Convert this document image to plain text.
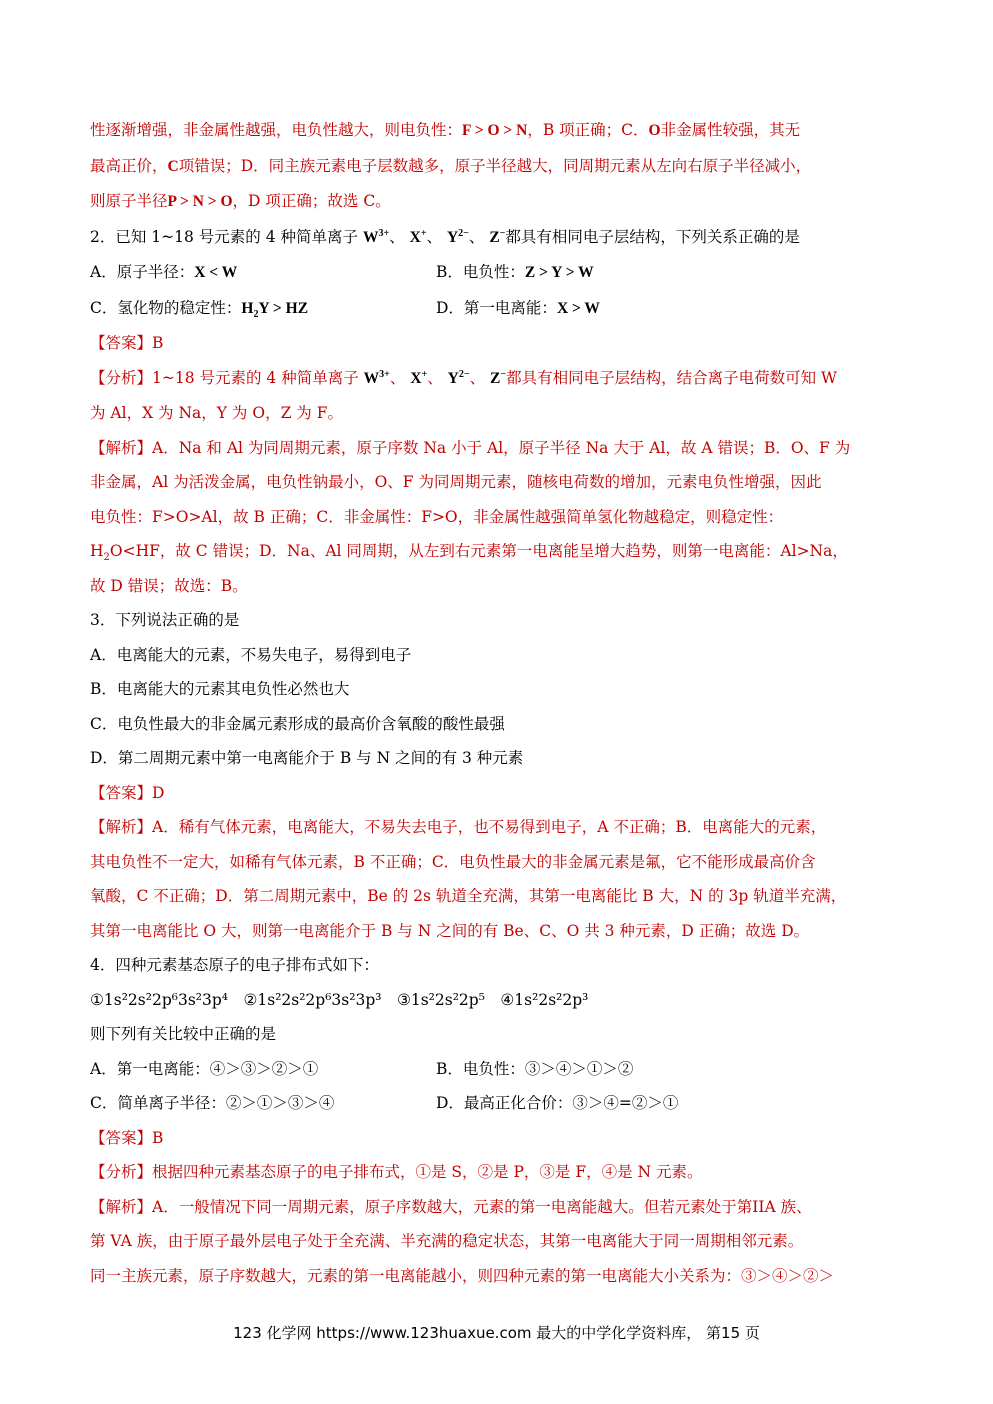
性逐渐增强，非金属性越强，电负性越大，则电负性：F > O > N，B 项正确；C．O非金属性较强，其无
最高正价，C项错误；D．同主族元素电子层数越多，原子半径越大，同周期元素从左向右原子半径减小，
则原子半径P > N > O，D 项正确；故选 C。
2．已知 1~18 号元素的 4 种简单离子 $W^{3+}$、 X+、 $Y^{2-}$、 Z−都具有相同电子层结构，下列关系正确的是
A．原子半径：X < W	B．电负性：Z > Y > W
C．氢化物的稳定性：$H_2Y$ > HZ	D．第一电离能：X > W
【答案】B
【分析】1~18 号元素的 4 种简单离子 $W^{3+}$、 X+、 $Y^{2-}$、 Z−都具有相同电子层结构，结合离子电荷数可知 W
为 Al，X 为 Na，Y 为 O，Z 为 F。
【解析】A．Na 和 Al 为同周期元素，原子序数 Na 小于 Al，原子半径 Na 大于 Al，故 A 错误；B．O、F 为
非金属，Al 为活泼金属，电负性钠最小，O、F 为同周期元素，随核电荷数的增加，元素电负性增强，因此
电负性：F>O>Al，故 B 正确；C．非金属性：F>O，非金属性越强简单氢化物越稳定，则稳定性：
$H_2O<HF$，故 C 错误；D．Na、Al 同周期，从左到右元素第一电离能呈增大趋势，则第一电离能：Al>Na，
故 D 错误；故选：B。
3．下列说法正确的是
A．电离能大的元素，不易失电子，易得到电子
B．电离能大的元素其电负性必然也大
C．电负性最大的非金属元素形成的最高价含氧酸的酸性最强
D．第二周期元素中第一电离能介于 B 与 N 之间的有 3 种元素
【答案】D
【解析】A．稀有气体元素，电离能大，不易失去电子，也不易得到电子，A 不正确；B．电离能大的元素，
其电负性不一定大，如稀有气体元素，B 不正确；C．电负性最大的非金属元素是氟，它不能形成最高价含
氧酸，C 不正确；D．第二周期元素中，Be 的 2s 轨道全充满，其第一电离能比 B 大，N 的 3p 轨道半充满，
其第一电离能比 O 大，则第一电离能介于 B 与 N 之间的有 Be、C、O 共 3 种元素，D 正确；故选 D。
4．四种元素基态原子的电子排布式如下：
①1s²2s²2p⁶3s²3p⁴　②1s²2s²2p⁶3s²3p³　③1s²2s²2p⁵　④1s²2s²2p³
则下列有关比较中正确的是
A．第一电离能：④＞③＞②＞①	B．电负性：③＞④＞①＞②
C．简单离子半径：②＞①＞③＞④	D．最高正化合价：③＞④=②＞①
【答案】B
【分析】根据四种元素基态原子的电子排布式，①是 S，②是 P，③是 F，④是 N 元素。
【解析】A．一般情况下同一周期元素，原子序数越大，元素的第一电离能越大。但若元素处于第IIA 族、
第 VA 族，由于原子最外层电子处于全充满、半充满的稳定状态，其第一电离能大于同一周期相邻元素。
同一主族元素，原子序数越大，元素的第一电离能越小，则四种元素的第一电离能大小关系为：③＞④＞②＞
123 化学网 https://www.123huaxue.com 最大的中学化学资料库， 第15 页
